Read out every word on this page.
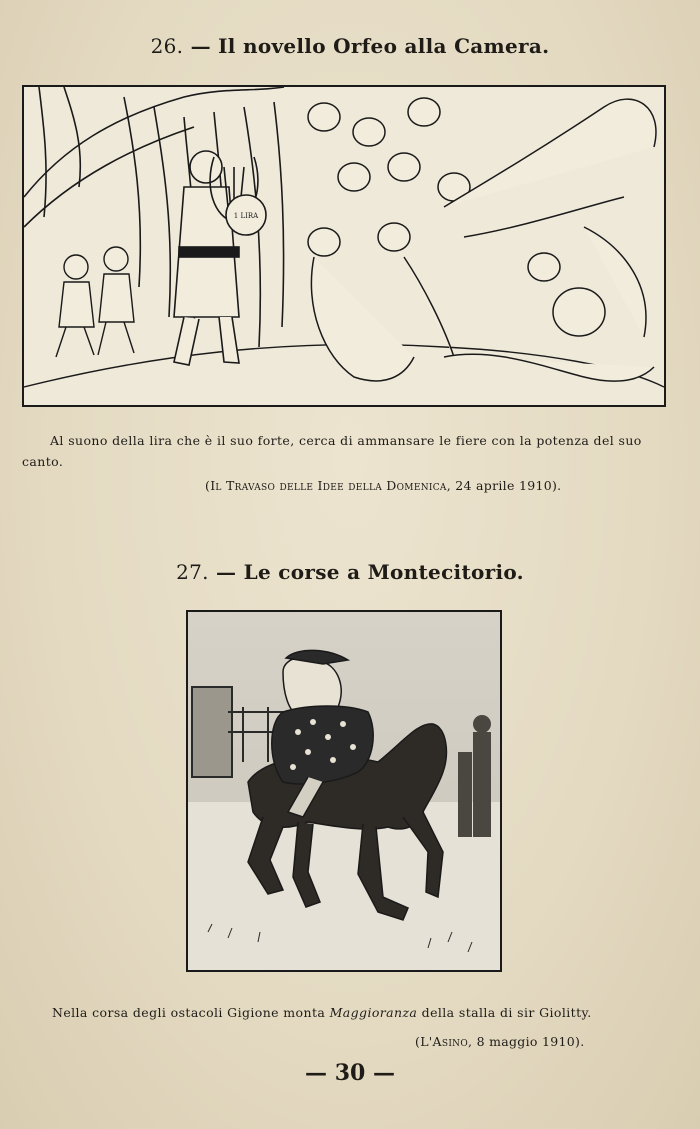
26. — Il novello Orfeo alla Camera.
1 LIRA
Al suono della lira che è il suo forte, cerca di ammansare le fiere con la potenza del suo canto.
(Il Travaso delle Idee della Domenica, 24 aprile 1910).
27. — Le corse a Montecitorio.
Nella corsa degli ostacoli Gigione monta Maggioranza della stalla di sir Giolitty.
(L'Asino, 8 maggio 1910).
— 30 —
